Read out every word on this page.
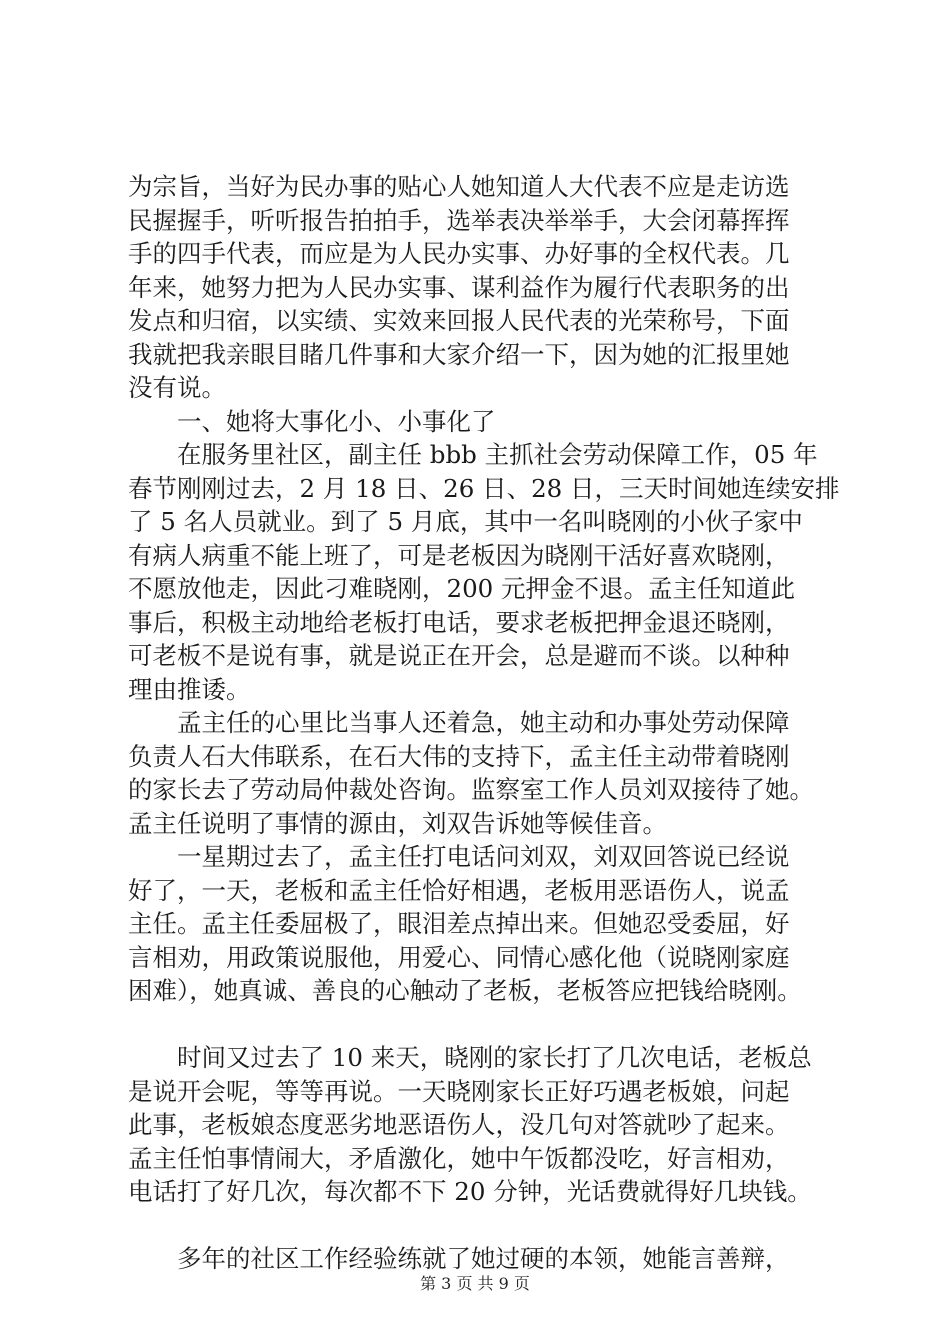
为宗旨，当好为民办事的贴心人她知道人大代表不应是走访选
民握握手，听听报告拍拍手，选举表决举举手，大会闭幕挥挥
手的四手代表，而应是为人民办实事、办好事的全权代表。几
年来，她努力把为人民办实事、谋利益作为履行代表职务的出
发点和归宿，以实绩、实效来回报人民代表的光荣称号，下面
我就把我亲眼目睹几件事和大家介绍一下，因为她的汇报里她
没有说。
　　一、她将大事化小、小事化了
　　在服务里社区，副主任 bbb 主抓社会劳动保障工作，05 年
春节刚刚过去，2 月 18 日、26 日、28 日，三天时间她连续安排
了 5 名人员就业。到了 5 月底，其中一名叫晓刚的小伙子家中
有病人病重不能上班了，可是老板因为晓刚干活好喜欢晓刚，
不愿放他走，因此刁难晓刚，200 元押金不退。孟主任知道此
事后，积极主动地给老板打电话，要求老板把押金退还晓刚，
可老板不是说有事，就是说正在开会，总是避而不谈。以种种
理由推诿。
　　孟主任的心里比当事人还着急，她主动和办事处劳动保障
负责人石大伟联系，在石大伟的支持下，孟主任主动带着晓刚
的家长去了劳动局仲裁处咨询。监察室工作人员刘双接待了她。
孟主任说明了事情的源由，刘双告诉她等候佳音。
　　一星期过去了，孟主任打电话问刘双，刘双回答说已经说
好了，一天，老板和孟主任恰好相遇，老板用恶语伤人，说孟
主任。孟主任委屈极了，眼泪差点掉出来。但她忍受委屈，好
言相劝，用政策说服他，用爱心、同情心感化他（说晓刚家庭
困难），她真诚、善良的心触动了老板，老板答应把钱给晓刚。
　　时间又过去了 10 来天，晓刚的家长打了几次电话，老板总
是说开会呢，等等再说。一天晓刚家长正好巧遇老板娘，问起
此事，老板娘态度恶劣地恶语伤人，没几句对答就吵了起来。
孟主任怕事情闹大，矛盾激化，她中午饭都没吃，好言相劝，
电话打了好几次，每次都不下 20 分钟，光话费就得好几块钱。
　　多年的社区工作经验练就了她过硬的本领，她能言善辩，
第 3 页 共 9 页
